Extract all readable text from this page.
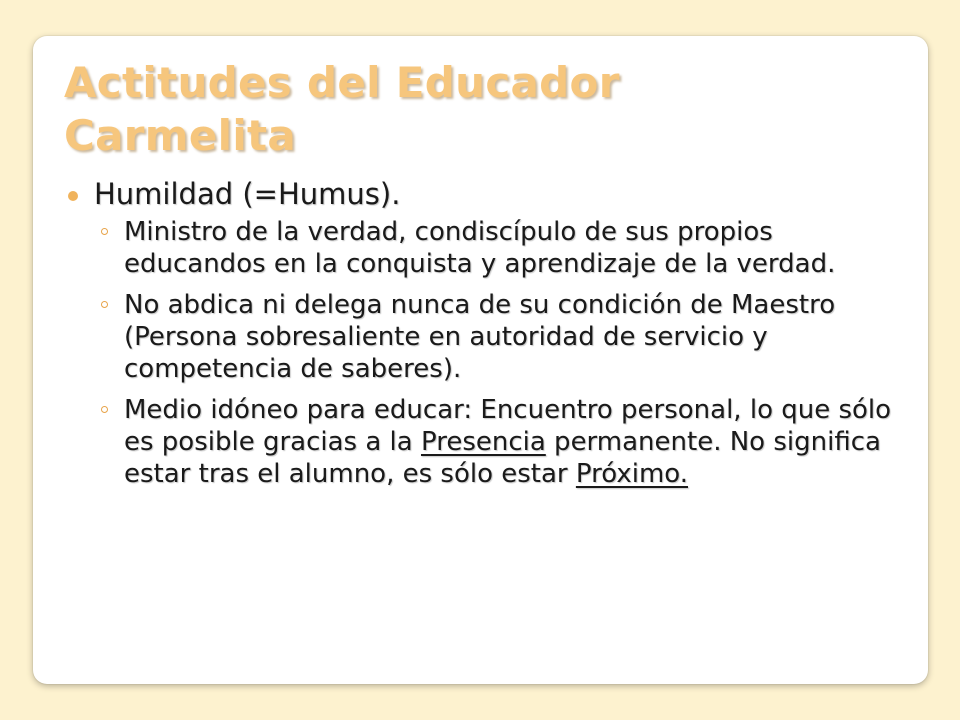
Actitudes del Educador
Carmelita
Humildad (=Humus).
Ministro de la verdad, condiscípulo de sus propios educandos en la conquista y aprendizaje de la verdad.
No abdica ni delega nunca de su condición de Maestro (Persona sobresaliente en autoridad de servicio y competencia de saberes).
Medio idóneo para educar: Encuentro personal, lo que sólo es posible gracias a la Presencia permanente. No significa estar tras el alumno, es sólo estar Próximo.
